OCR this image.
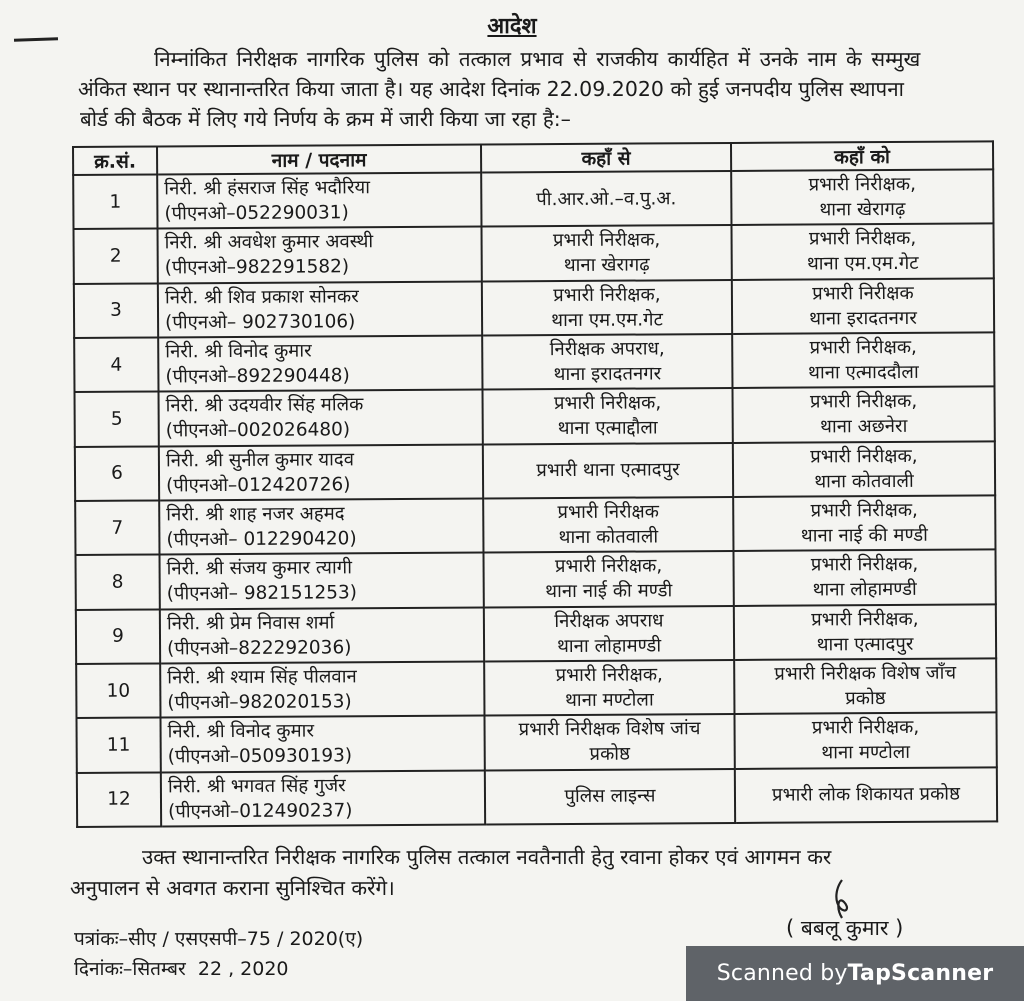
आदेश
निम्नांकित निरीक्षक नागरिक पुलिस को तत्काल प्रभाव से राजकीय कार्यहित में उनके नाम के सम्मुख
अंकित स्थान पर स्थानान्तरित किया जाता है। यह आदेश दिनांक 22.09.2020 को हुई जनपदीय पुलिस स्थापना
बोर्ड की बैठक में लिए गये निर्णय के क्रम में जारी किया जा रहा है:–
क्र.सं.	नाम / पदनाम	कहाँ से	कहाँ को
1	निरी. श्री हंसराज सिंह भदौरिया
(पीएनओ–052290031)	पी.आर.ओ.–व.पु.अ.	प्रभारी निरीक्षक,
थाना खेरागढ़

2	निरी. श्री अवधेश कुमार अवस्थी
(पीएनओ–982291582)	प्रभारी निरीक्षक,
थाना खेरागढ़	प्रभारी निरीक्षक,
थाना एम.एम.गेट

3	निरी. श्री शिव प्रकाश सोनकर
(पीएनओ– 902730106)	प्रभारी निरीक्षक,
थाना एम.एम.गेट	प्रभारी निरीक्षक
थाना इरादतनगर

4	निरी. श्री विनोद कुमार
(पीएनओ–892290448)	निरीक्षक अपराध,
थाना इरादतनगर	प्रभारी निरीक्षक,
थाना एत्माददौला

5	निरी. श्री उदयवीर सिंह मलिक
(पीएनओ–002026480)	प्रभारी निरीक्षक,
थाना एत्माद्दौला	प्रभारी निरीक्षक,
थाना अछनेरा

6	निरी. श्री सुनील कुमार यादव
(पीएनओ–012420726)	प्रभारी थाना एत्मादपुर	प्रभारी निरीक्षक,
थाना कोतवाली

7	निरी. श्री शाह नजर अहमद
(पीएनओ– 012290420)	प्रभारी निरीक्षक
थाना कोतवाली	प्रभारी निरीक्षक,
थाना नाई की मण्डी

8	निरी. श्री संजय कुमार त्यागी
(पीएनओ– 982151253)	प्रभारी निरीक्षक,
थाना नाई की मण्डी	प्रभारी निरीक्षक,
थाना लोहामण्डी

9	निरी. श्री प्रेम निवास शर्मा
(पीएनओ–822292036)	निरीक्षक अपराध
थाना लोहामण्डी	प्रभारी निरीक्षक,
थाना एत्मादपुर

10	निरी. श्री श्याम सिंह पीलवान
(पीएनओ–982020153)	प्रभारी निरीक्षक,
थाना मण्टोला	प्रभारी निरीक्षक विशेष जाँच
प्रकोष्ठ

11	निरी. श्री विनोद कुमार
(पीएनओ–050930193)	प्रभारी निरीक्षक विशेष जांच
प्रकोष्ठ	प्रभारी निरीक्षक,
थाना मण्टोला

12	निरी. श्री भगवत सिंह गुर्जर
(पीएनओ–012490237)	पुलिस लाइन्स	प्रभारी लोक शिकायत प्रकोष्ठ
उक्त स्थानान्तरित निरीक्षक नागरिक पुलिस तत्काल नवतैनाती हेतु रवाना होकर एवं आगमन कर
अनुपालन से अवगत कराना सुनिश्चित करेंगे।
पत्रांकः–सीए / एसएसपी–75 / 2020(ए)
दिनांकः–सितम्बर  22 , 2020
( बबलू कुमार )
Scanned by TapScanner
